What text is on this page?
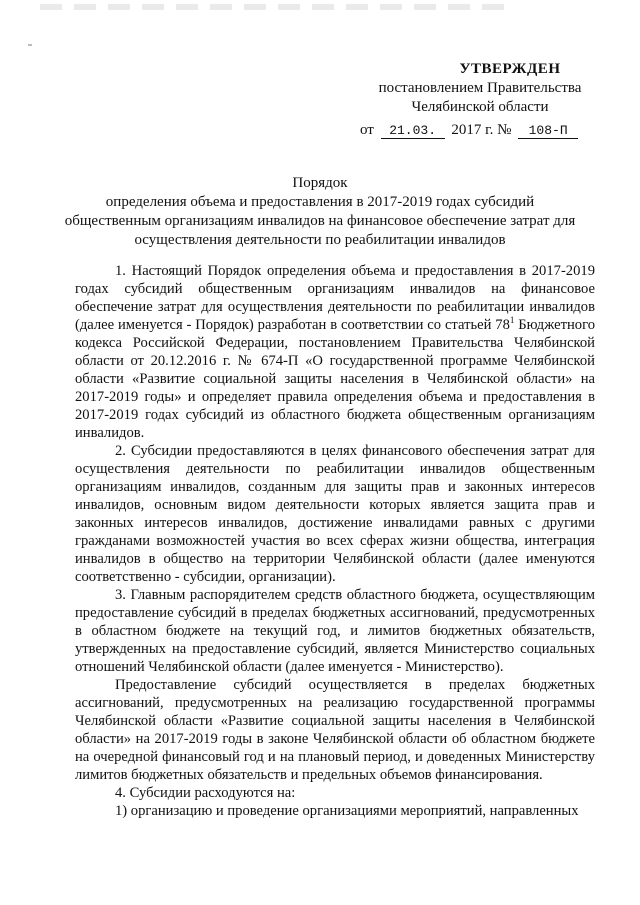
УТВЕРЖДЕН
постановлением Правительства
Челябинской области
от 21.03. 2017 г. № 108-П
Порядок
определения объема и предоставления в 2017-2019 годах субсидий общественным организациям инвалидов на финансовое обеспечение затрат для осуществления деятельности по реабилитации инвалидов

1. Настоящий Порядок определения объема и предоставления в 2017-2019 годах субсидий общественным организациям инвалидов на финансовое обеспечение затрат для осуществления деятельности по реабилитации инвалидов (далее именуется - Порядок) разработан в соответствии со статьей $78^1$ Бюджетного кодекса Российской Федерации, постановлением Правительства Челябинской области от 20.12.2016 г. № 674-П «О государственной программе Челябинской области «Развитие социальной защиты населения в Челябинской области» на 2017-2019 годы» и определяет правила определения объема и предоставления в 2017-2019 годах субсидий из областного бюджета общественным организациям инвалидов.

2. Субсидии предоставляются в целях финансового обеспечения затрат для осуществления деятельности по реабилитации инвалидов общественным организациям инвалидов, созданным для защиты прав и законных интересов инвалидов, основным видом деятельности которых является защита прав и законных интересов инвалидов, достижение инвалидами равных с другими гражданами возможностей участия во всех сферах жизни общества, интеграция инвалидов в общество на территории Челябинской области (далее именуются соответственно - субсидии, организации).

3. Главным распорядителем средств областного бюджета, осуществляющим предоставление субсидий в пределах бюджетных ассигнований, предусмотренных в областном бюджете на текущий год, и лимитов бюджетных обязательств, утвержденных на предоставление субсидий, является Министерство социальных отношений Челябинской области (далее именуется - Министерство).

Предоставление субсидий осуществляется в пределах бюджетных ассигнований, предусмотренных на реализацию государственной программы Челябинской области «Развитие социальной защиты населения в Челябинской области» на 2017-2019 годы в законе Челябинской области об областном бюджете на очередной финансовый год и на плановый период, и доведенных Министерству лимитов бюджетных обязательств и предельных объемов финансирования.

4. Субсидии расходуются на:

1) организацию и проведение организациями мероприятий, направленных
